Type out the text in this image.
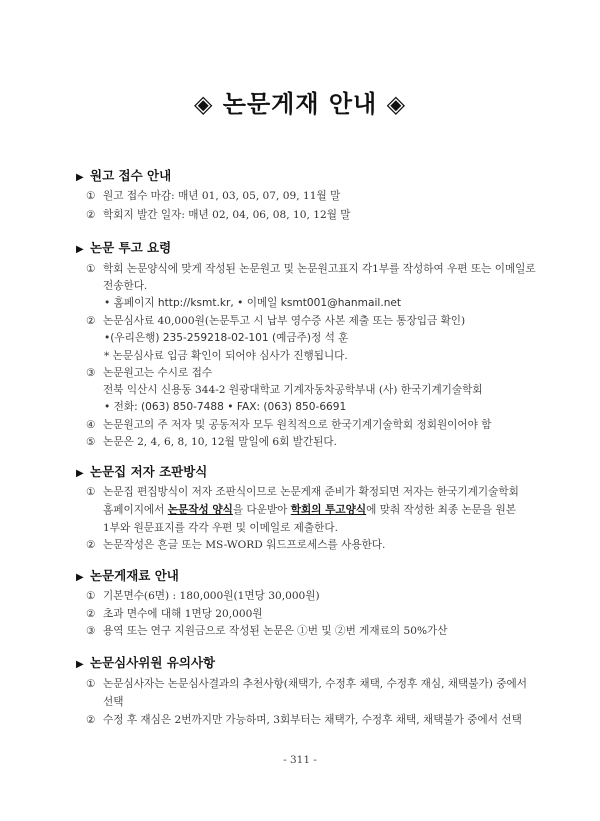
◈ 논문게재 안내 ◈
▶ 원고 접수 안내
① 원고 접수 마감: 매년 01, 03, 05, 07, 09, 11월 말
② 학회지 발간 일자: 매년 02, 04, 06, 08, 10, 12월 말
▶ 논문 투고 요령
① 학회 논문양식에 맞게 작성된 논문원고 및 논문원고표지 각1부를 작성하여 우편 또는 이메일로
전송한다.
• 홈페이지 http://ksmt.kr, • 이메일 ksmt001@hanmail.net
② 논문심사료 40,000원(논문투고 시 납부 영수증 사본 제출 또는 통장입금 확인)
•(우리은행) 235-259218-02-101 (예금주)정 석 훈
* 논문심사료 입금 확인이 되어야 심사가 진행됩니다.
③ 논문원고는 수시로 접수
전북 익산시 신용동 344-2 원광대학교 기계자동차공학부내 (사) 한국기계기술학회
• 전화: (063) 850-7488 • FAX: (063) 850-6691
④ 논문원고의 주 저자 및 공동저자 모두 원칙적으로 한국기계기술학회 정회원이어야 함
⑤ 논문은 2, 4, 6, 8, 10, 12월 말일에 6회 발간된다.
▶ 논문집 저자 조판방식
① 논문집 편집방식이 저자 조판식이므로 논문게재 준비가 확정되면 저자는 한국기계기술학회
홈페이지에서 논문작성 양식을 다운받아 학회의 투고양식에 맞춰 작성한 최종 논문을 원본
1부와 원문표지를 각각 우편 및 이메일로 제출한다.
② 논문작성은 흔글 또는 MS-WORD 워드프로세스를 사용한다.
▶ 논문게재료 안내
① 기본면수(6면) : 180,000원(1면당 30,000원)
② 초과 면수에 대해 1면당 20,000원
③ 용역 또는 연구 지원금으로 작성된 논문은 ①번 및 ②번 게재료의 50%가산
▶ 논문심사위원 유의사항
① 논문심사자는 논문심사결과의 추천사항(채택가, 수정후 채택, 수정후 재심, 채택불가) 중에서
선택
② 수정 후 재심은 2번까지만 가능하며, 3회부터는 채택가, 수정후 채택, 채택불가 중에서 선택
- 311 -
